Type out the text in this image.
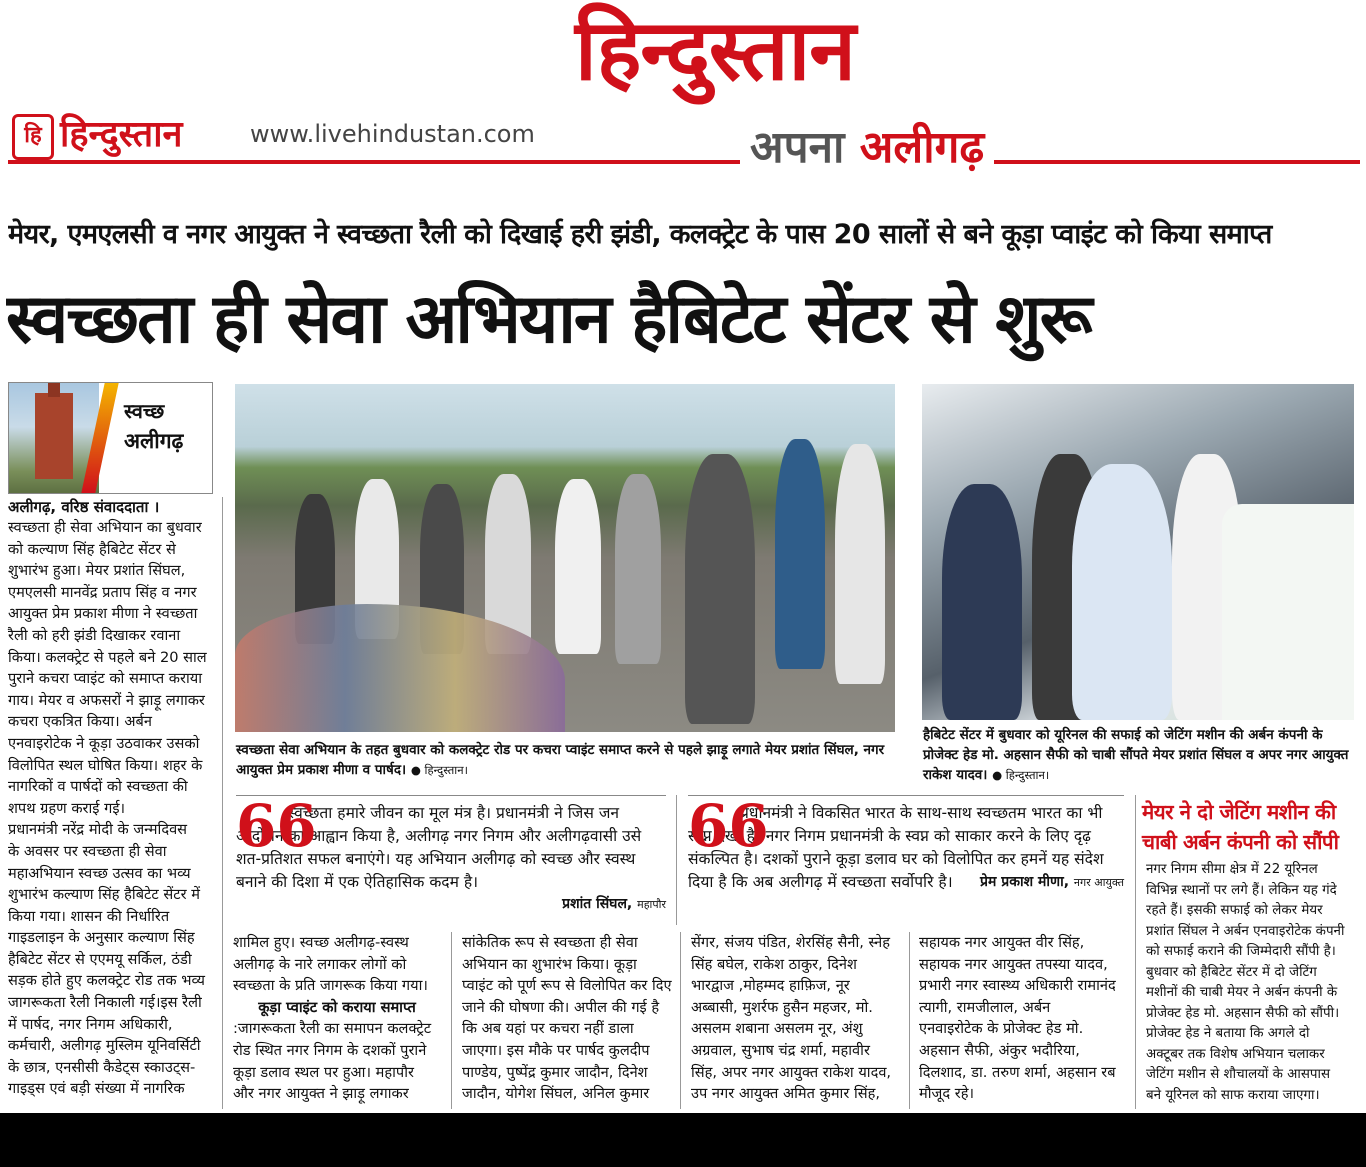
हिन्दुस्तान
हि हिन्दुस्तान	www.livehindustan.com	अपना अलीगढ़
मेयर, एमएलसी व नगर आयुक्त ने स्वच्छता रैली को दिखाई हरी झंडी, कलक्ट्रेट के पास 20 सालों से बने कूड़ा प्वाइंट को किया समाप्त
स्वच्छता ही सेवा अभियान हैबिटेट सेंटर से शुरू
स्वच्छ
अलीगढ़
अलीगढ़, वरिष्ठ संवाददाता ।
स्वच्छता ही सेवा अभियान का बुधवार
को कल्याण सिंह हैबिटेट सेंटर से
शुभारंभ हुआ। मेयर प्रशांत सिंघल,
एमएलसी मानवेंद्र प्रताप सिंह व नगर
आयुक्त प्रेम प्रकाश मीणा ने स्वच्छता
रैली को हरी झंडी दिखाकर रवाना
किया। कलक्ट्रेट से पहले बने 20 साल
पुराने कचरा प्वाइंट को समाप्त कराया
गाय। मेयर व अफसरों ने झाड़ू लगाकर
कचरा एकत्रित किया। अर्बन
एनवाइरोटेक ने कूड़ा उठवाकर उसको
विलोपित स्थल घोषित किया। शहर के
नागरिकों व पार्षदों को स्वच्छता की
शपथ ग्रहण कराई गई।
प्रधानमंत्री नरेंद्र मोदी के जन्मदिवस
के अवसर पर स्वच्छता ही सेवा
महाअभियान स्वच्छ उत्सव का भव्य
शुभारंभ कल्याण सिंह हैबिटेट सेंटर में
किया गया। शासन की निर्धारित
गाइडलाइन के अनुसार कल्याण सिंह
हैबिटेट सेंटर से एएमयू सर्किल, ठंडी
सड़क होते हुए कलक्ट्रेट रोड तक भव्य
जागरूकता रैली निकाली गई।इस रैली
में पार्षद, नगर निगम अधिकारी,
कर्मचारी, अलीगढ़ मुस्लिम यूनिवर्सिटी
के छात्र, एनसीसी कैडेट्स स्काउट्स-
गाइड्स एवं बड़ी संख्या में नागरिक
स्वच्छता सेवा अभियान के तहत बुधवार को कलक्ट्रेट रोड पर कचरा प्वाइंट समाप्त करने से पहले झाड़ू लगाते मेयर प्रशांत सिंघल, नगर आयुक्त प्रेम प्रकाश मीणा व पार्षद। ● हिन्दुस्तान।
हैबिटेट सेंटर में बुधवार को यूरिनल की सफाई को जेटिंग मशीन की अर्बन कंपनी के प्रोजेक्ट हेड मो. अहसान सैफी को चाबी सौंपते मेयर प्रशांत सिंघल व अपर नगर आयुक्त राकेश यादव। ● हिन्दुस्तान।
66
स्वच्छता हमारे जीवन का मूल मंत्र है। प्रधानमंत्री ने जिस जन आंदोलन का आह्वान किया है, अलीगढ़ नगर निगम और अलीगढ़वासी उसे शत-प्रतिशत सफल बनाएंगे। यह अभियान अलीगढ़ को स्वच्छ और स्वस्थ बनाने की दिशा में एक ऐतिहासिक कदम है।
प्रशांत सिंघल, महापौर
66
प्रधानमंत्री ने विकसित भारत के साथ-साथ स्वच्छतम भारत का भी स्वप्न देखा है। नगर निगम प्रधानमंत्री के स्वप्न को साकार करने के लिए दृढ़ संकल्पित है। दशकों पुराने कूड़ा डलाव घर को विलोपित कर हमनें यह संदेश दिया है कि अब अलीगढ़ में स्वच्छता सर्वोपरि है।	प्रेम प्रकाश मीणा, नगर आयुक्त
शामिल हुए। स्वच्छ अलीगढ़-स्वस्थ
अलीगढ़ के नारे लगाकर लोगों को
स्वच्छता के प्रति जागरूक किया गया।
कूड़ा प्वाइंट को कराया समाप्त
:जागरूकता रैली का समापन कलक्ट्रेट
रोड स्थित नगर निगम के दशकों पुराने
कूड़ा डलाव स्थल पर हुआ। महापौर
और नगर आयुक्त ने झाड़ू लगाकर
सांकेतिक रूप से स्वच्छता ही सेवा
अभियान का शुभारंभ किया। कूड़ा
प्वाइंट को पूर्ण रूप से विलोपित कर दिए
जाने की घोषणा की। अपील की गई है
कि अब यहां पर कचरा नहीं डाला
जाएगा। इस मौके पर पार्षद कुलदीप
पाण्डेय, पुष्पेंद्र कुमार जादौन, दिनेश
जादौन, योगेश सिंघल, अनिल कुमार
सेंगर, संजय पंडित, शेरसिंह सैनी, स्नेह
सिंह बघेल, राकेश ठाकुर, दिनेश
भारद्वाज ,मोहम्मद हाफ़िज, नूर
अब्बासी, मुशर्रफ हुसैन महजर, मो.
असलम शबाना असलम नूर, अंशु
अग्रवाल, सुभाष चंद्र शर्मा, महावीर
सिंह, अपर नगर आयुक्त राकेश यादव,
उप नगर आयुक्त अमित कुमार सिंह,
सहायक नगर आयुक्त वीर सिंह,
सहायक नगर आयुक्त तपस्या यादव,
प्रभारी नगर स्वास्थ्य अधिकारी रामानंद
त्यागी, रामजीलाल, अर्बन
एनवाइरोटेक के प्रोजेक्ट हेड मो.
अहसान सैफी, अंकुर भदौरिया,
दिलशाद, डा. तरुण शर्मा, अहसान रब
मौजूद रहे।
मेयर ने दो जेटिंग मशीन की चाबी अर्बन कंपनी को सौंपी
नगर निगम सीमा क्षेत्र में 22 यूरिनल
विभिन्न स्थानों पर लगे हैं। लेकिन यह गंदे
रहते हैं। इसकी सफाई को लेकर मेयर
प्रशांत सिंघल ने अर्बन एनवाइरोटेक कंपनी
को सफाई कराने की जिम्मेदारी सौंपी है।
बुधवार को हैबिटेट सेंटर में दो जेटिंग
मशीनों की चाबी मेयर ने अर्बन कंपनी के
प्रोजेक्ट हेड मो. अहसान सैफी को सौंपी।
प्रोजेक्ट हेड ने बताया कि अगले दो
अक्टूबर तक विशेष अभियान चलाकर
जेटिंग मशीन से शौचालयों के आसपास
बने यूरिनल को साफ कराया जाएगा।
